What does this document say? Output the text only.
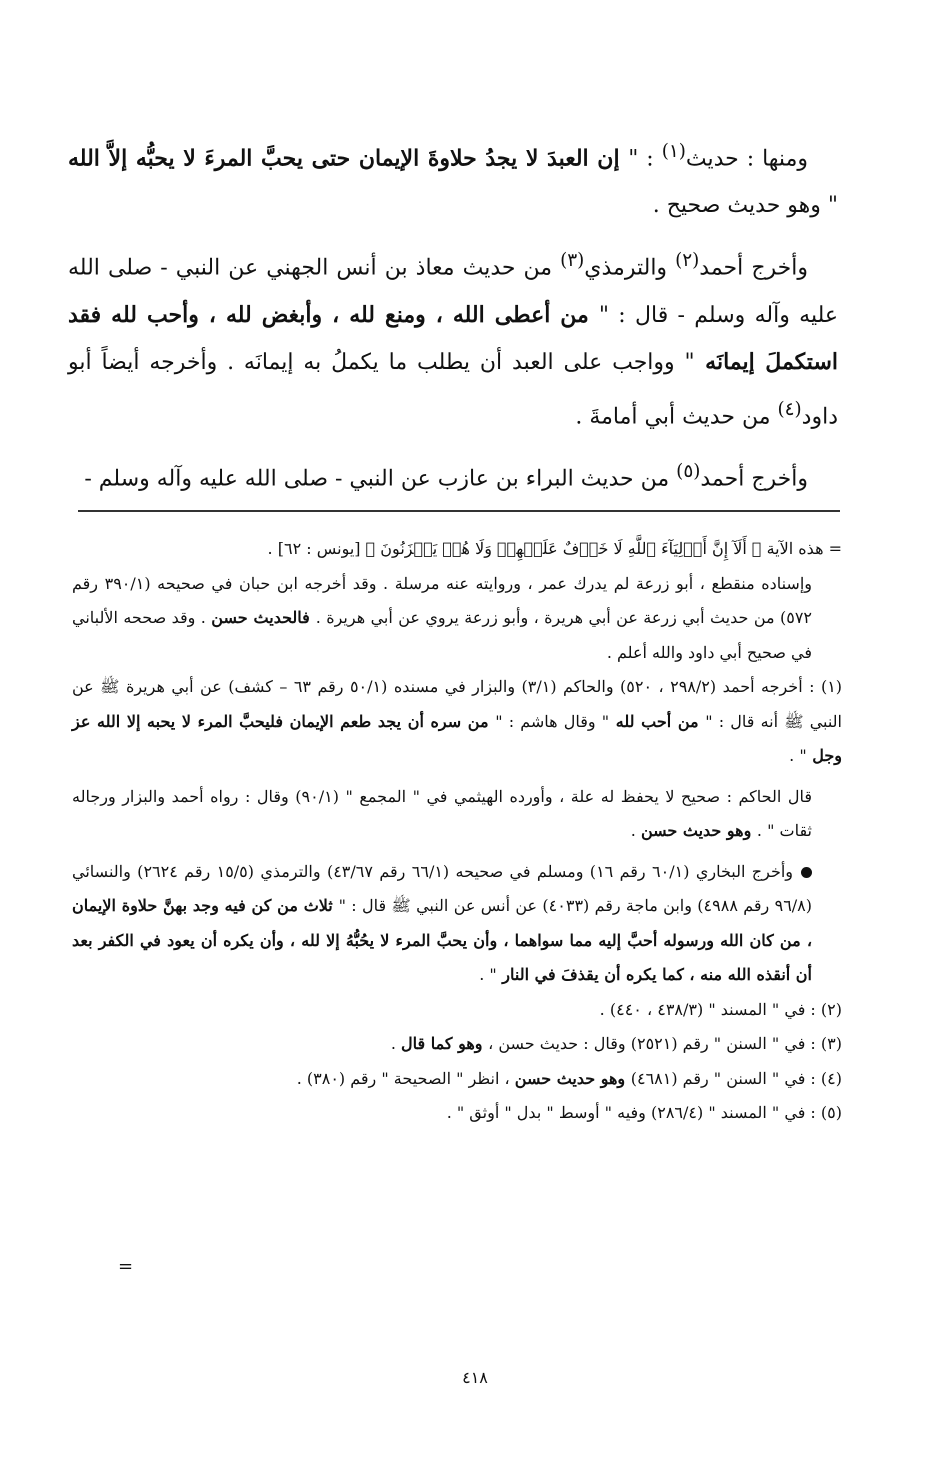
ومنها : حديث$^{(١)}$ : " إن العبدَ لا يجدُ حلاوةَ الإيمان حتى يحبَّ المرءَ لا يحبُّه إلاَّ الله " وهو حديث صحيح .

وأخرج أحمد$^{(٢)}$ والترمذي$^{(٣)}$ من حديث معاذ بن أنس الجهني عن النبي - صلى الله عليه وآله وسلم - قال : " من أعطى الله ، ومنع لله ، وأبغض لله ، وأحب لله فقد استكملَ إيمانَه " وواجب على العبد أن يطلب ما يكملُ به إيمانَه . وأخرجه أيضاً أبو داود$^{(٤)}$ من حديث أبي أمامةَ .

وأخرج أحمد$^{(٥)}$ من حديث البراء بن عازب عن النبي - صلى الله عليه وآله وسلم -

= هذه الآية ﴿ أَلَآ إِنَّ أَوۡلِيَآءَ ٱللَّهِ لَا خَوۡفٌ عَلَيۡهِمۡ وَلَا هُمۡ يَحۡزَنُونَ ﴾ [يونس : ٦٢] .

وإسناده منقطع ، أبو زرعة لم يدرك عمر ، وروايته عنه مرسلة . وقد أخرجه ابن حبان في صحيحه (٣٩٠/١ رقم ٥٧٢) من حديث أبي زرعة عن أبي هريرة ، وأبو زرعة يروي عن أبي هريرة . فالحديث حسن . وقد صححه الألباني في صحيح أبي داود والله أعلم .

(١) : أخرجه أحمد (٢٩٨/٢ ، ٥٢٠) والحاكم (٣/١) والبزار في مسنده (٥٠/١ رقم ٦٣ – كشف) عن أبي هريرة ﷺ عن النبي ﷺ أنه قال : " من أحب لله " وقال هاشم : " من سره أن يجد طعم الإيمان فليحبَّ المرء لا يحبه إلا الله عز وجل " .

قال الحاكم : صحيح لا يحفظ له علة ، وأورده الهيثمي في " المجمع " (٩٠/١) وقال : رواه أحمد والبزار ورجاله ثقات " . وهو حديث حسن .

وأخرج البخاري (٦٠/١ رقم ١٦) ومسلم في صحيحه (٦٦/١ رقم ٤٣/٦٧) والترمذي (١٥/٥ رقم ٢٦٢٤) والنسائي (٩٦/٨ رقم ٤٩٨٨) وابن ماجة رقم (٤٠٣٣) عن أنس عن النبي ﷺ قال : " ثلاث من كن فيه وجد بهنَّ حلاوة الإيمان ، من كان الله ورسوله أحبَّ إليه مما سواهما ، وأن يحبَّ المرء لا يحُبُّهُ إلا لله ، وأن يكره أن يعود في الكفر بعد أن أنقذه الله منه ، كما يكره أن يقذفَ في النار " .

(٢) : في " المسند " (٤٣٨/٣ ، ٤٤٠) .

(٣) : في " السنن " رقم (٢٥٢١) وقال : حديث حسن ، وهو كما قال .

(٤) : في " السنن " رقم (٤٦٨١) وهو حديث حسن ، انظر " الصحيحة " رقم (٣٨٠) .

(٥) : في " المسند " (٢٨٦/٤) وفيه " أوسط " بدل " أوثق " .

=
٤١٨
